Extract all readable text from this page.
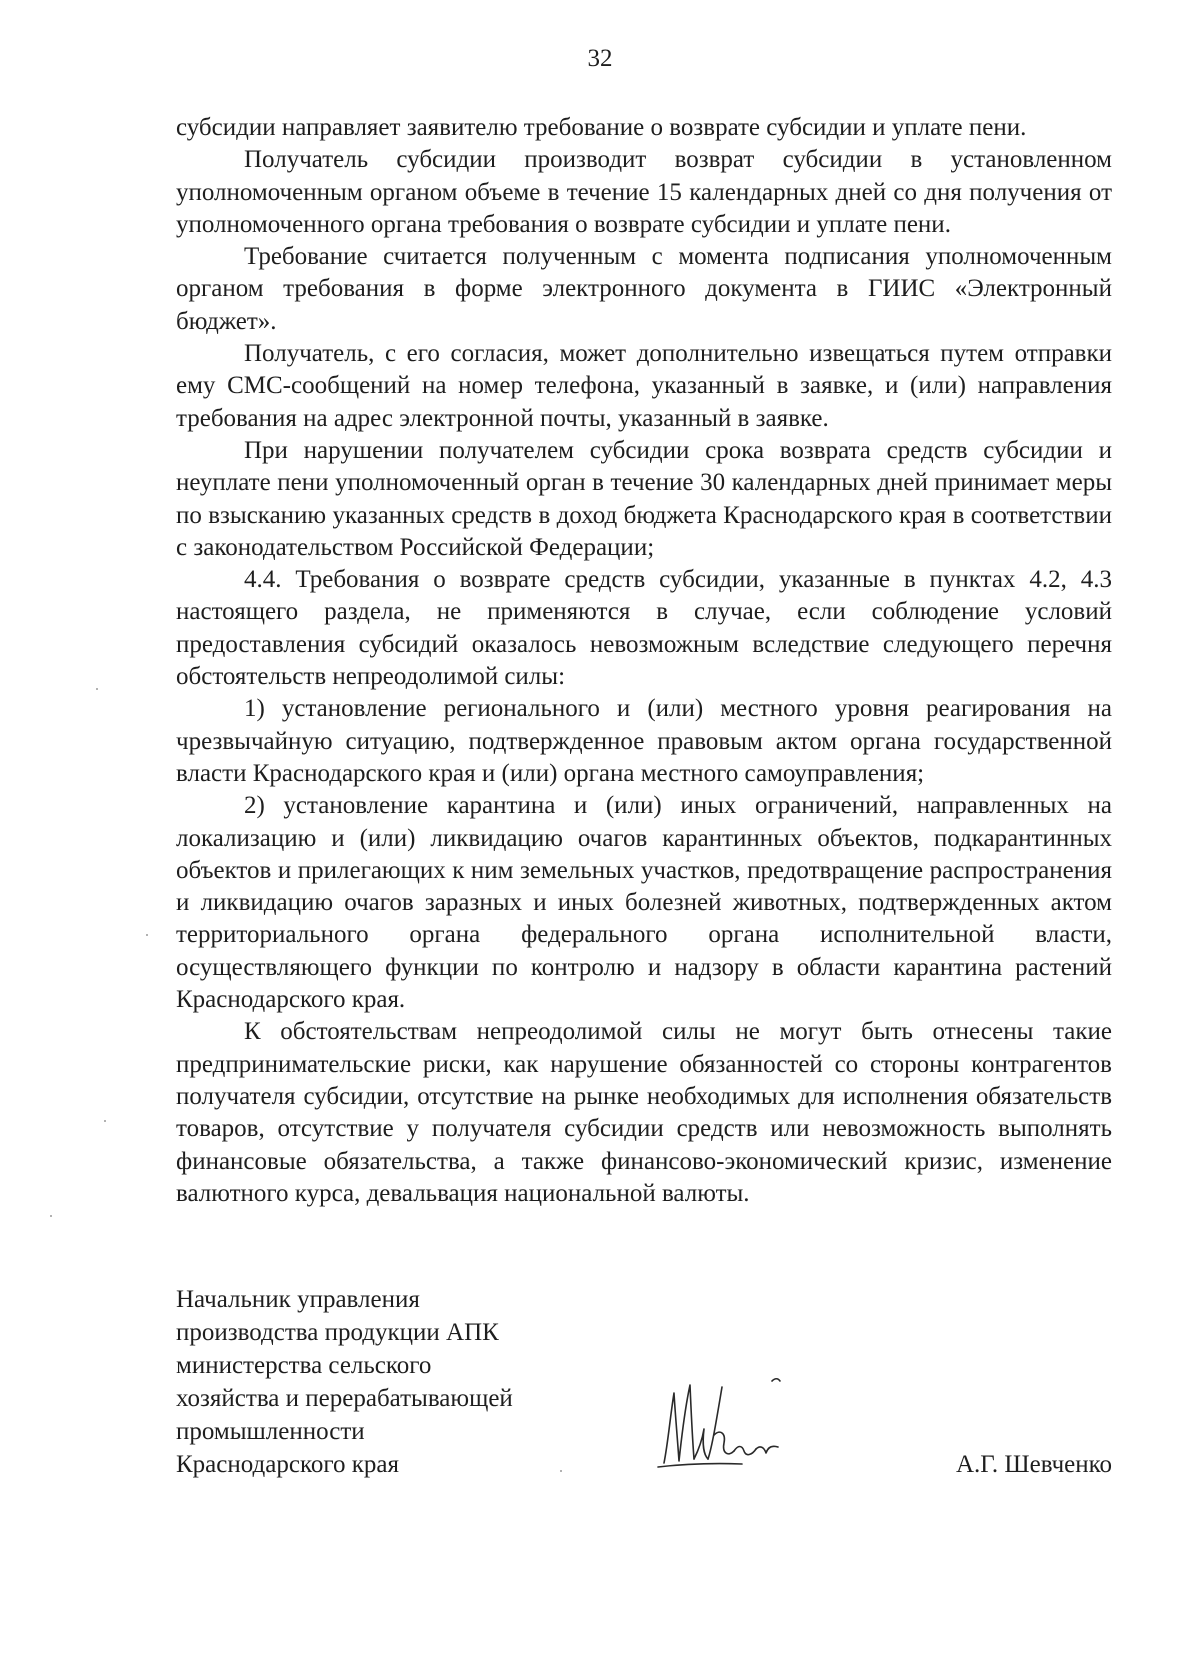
32

субсидии направляет заявителю требование о возврате субсидии и уплате пени.

Получатель субсидии производит возврат субсидии в установленном уполномоченным органом объеме в течение 15 календарных дней со дня получения от уполномоченного органа требования о возврате субсидии и уплате пени.

Требование считается полученным с момента подписания уполномоченным органом требования в форме электронного документа в ГИИС «Электронный бюджет».

Получатель, с его согласия, может дополнительно извещаться путем отправки ему СМС-сообщений на номер телефона, указанный в заявке, и (или) направления требования на адрес электронной почты, указанный в заявке.

При нарушении получателем субсидии срока возврата средств субсидии и неуплате пени уполномоченный орган в течение 30 календарных дней принимает меры по взысканию указанных средств в доход бюджета Краснодарского края в соответствии с законодательством Российской Федерации;

4.4. Требования о возврате средств субсидии, указанные в пунктах 4.2, 4.3 настоящего раздела, не применяются в случае, если соблюдение условий предоставления субсидий оказалось невозможным вследствие следующего перечня обстоятельств непреодолимой силы:

1) установление регионального и (или) местного уровня реагирования на чрезвычайную ситуацию, подтвержденное правовым актом органа государственной власти Краснодарского края и (или) органа местного самоуправления;

2) установление карантина и (или) иных ограничений, направленных на локализацию и (или) ликвидацию очагов карантинных объектов, подкарантинных объектов и прилегающих к ним земельных участков, предотвращение распространения и ликвидацию очагов заразных и иных болезней животных, подтвержденных актом территориального органа федерального органа исполнительной власти, осуществляющего функции по контролю и надзору в области карантина растений Краснодарского края.

К обстоятельствам непреодолимой силы не могут быть отнесены такие предпринимательские риски, как нарушение обязанностей со стороны контрагентов получателя субсидии, отсутствие на рынке необходимых для исполнения обязательств товаров, отсутствие у получателя субсидии средств или невозможность выполнять финансовые обязательства, а также финансово-экономический кризис, изменение валютного курса, девальвация национальной валюты.

Начальник управления
производства продукции АПК
министерства сельского
хозяйства и перерабатывающей
промышленности
Краснодарского края	А.Г. Шевченко
